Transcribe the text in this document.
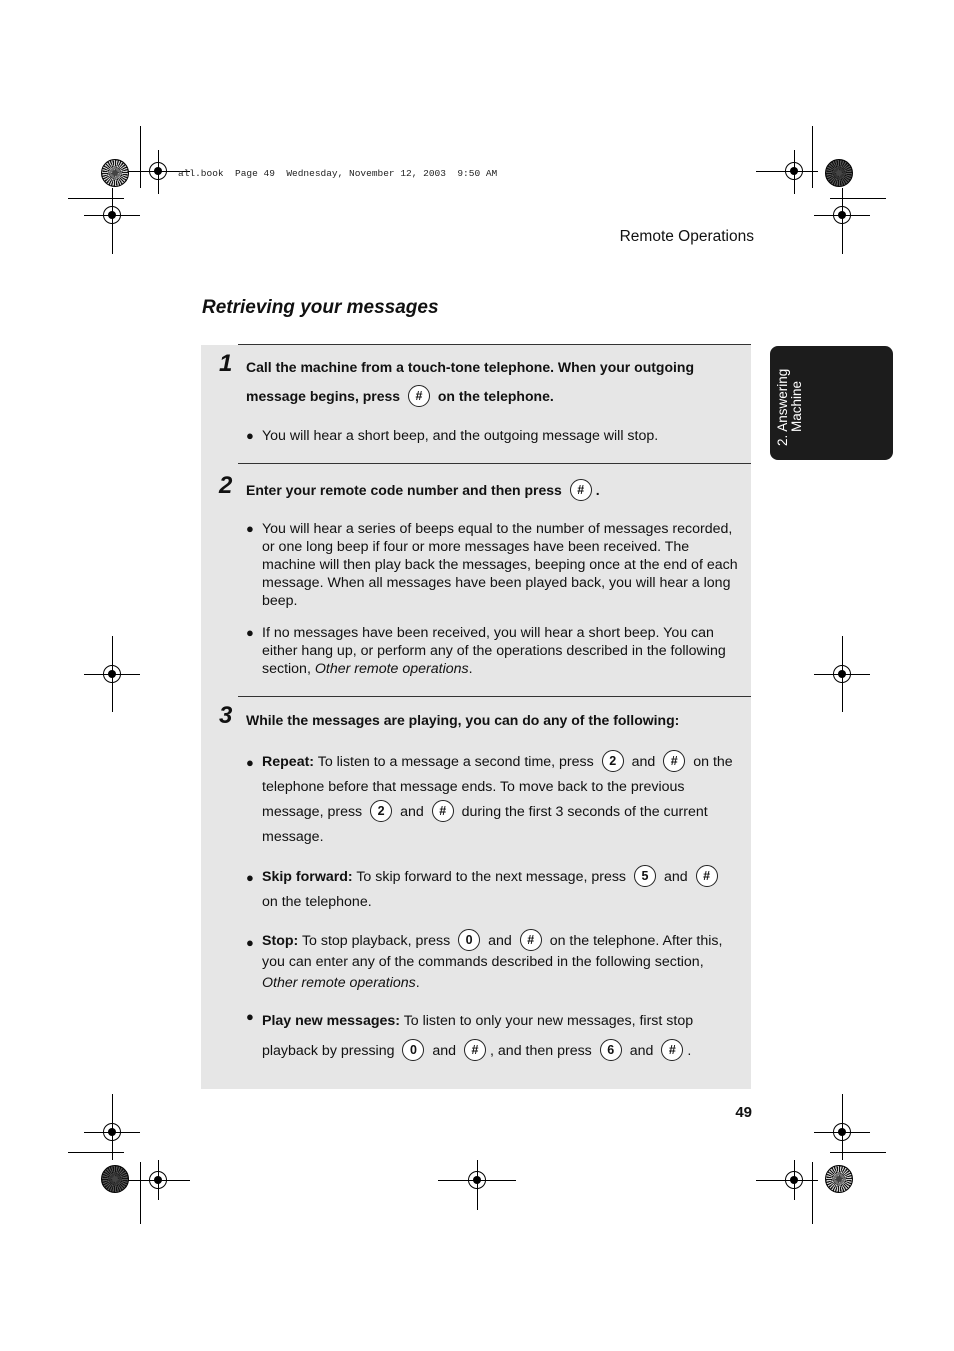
all.book  Page 49  Wednesday, November 12, 2003  9:50 AM
Remote Operations
Retrieving your messages
2. Answering Machine
1 Call the machine from a touch-tone telephone. When your outgoing
message begins, press # on the telephone.
● You will hear a short beep, and the outgoing message will stop.
2 Enter your remote code number and then press # .
● You will hear a series of beeps equal to the number of messages recorded, or one long beep if four or more messages have been received. The machine will then play back the messages, beeping once at the end of each message. When all messages have been played back, you will hear a long beep.
● If no messages have been received, you will hear a short beep. You can either hang up, or perform any of the operations described in the following section, Other remote operations.
3 While the messages are playing, you can do any of the following:
● Repeat: To listen to a message a second time, press 2 and # on the telephone before that message ends. To move back to the previous message, press 2 and # during the first 3 seconds of the current message.
● Skip forward: To skip forward to the next message, press 5 and # on the telephone.
● Stop: To stop playback, press 0 and # on the telephone. After this, you can enter any of the commands described in the following section, Other remote operations.
● Play new messages: To listen to only your new messages, first stop playback by pressing 0 and # , and then press 6 and # .
49
